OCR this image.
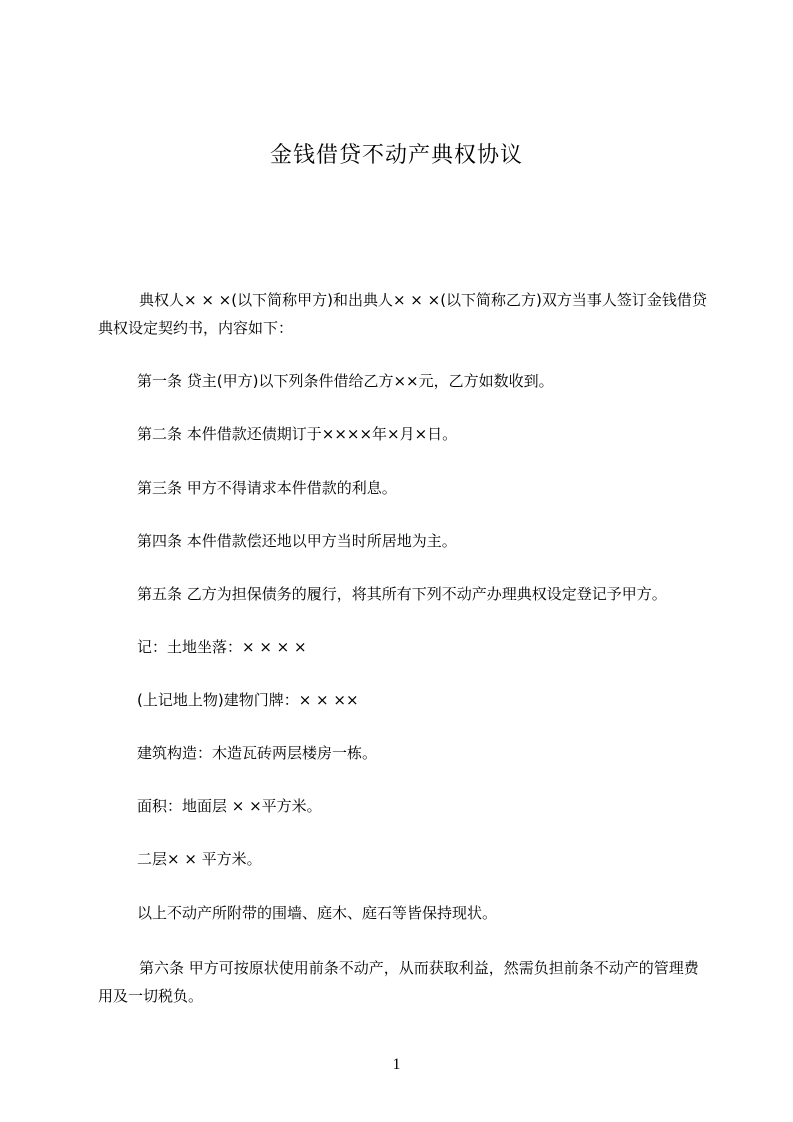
金钱借贷不动产典权协议

典权人× × ×(以下简称甲方)和出典人× × ×(以下简称乙方)双方当事人签订金钱借贷典权设定契约书，内容如下：

第一条 贷主(甲方)以下列条件借给乙方××元，乙方如数收到。

第二条 本件借款还债期订于××××年×月×日。

第三条 甲方不得请求本件借款的利息。

第四条 本件借款偿还地以甲方当时所居地为主。

第五条 乙方为担保债务的履行，将其所有下列不动产办理典权设定登记予甲方。

记：土地坐落：× × × ×

(上记地上物)建物门牌：× × ××

建筑构造：木造瓦砖两层楼房一栋。

面积：地面层 × ×平方米。

二层× × 平方米。

以上不动产所附带的围墙、庭木、庭石等皆保持现状。

第六条 甲方可按原状使用前条不动产，从而获取利益，然需负担前条不动产的管理费用及一切税负。

1
